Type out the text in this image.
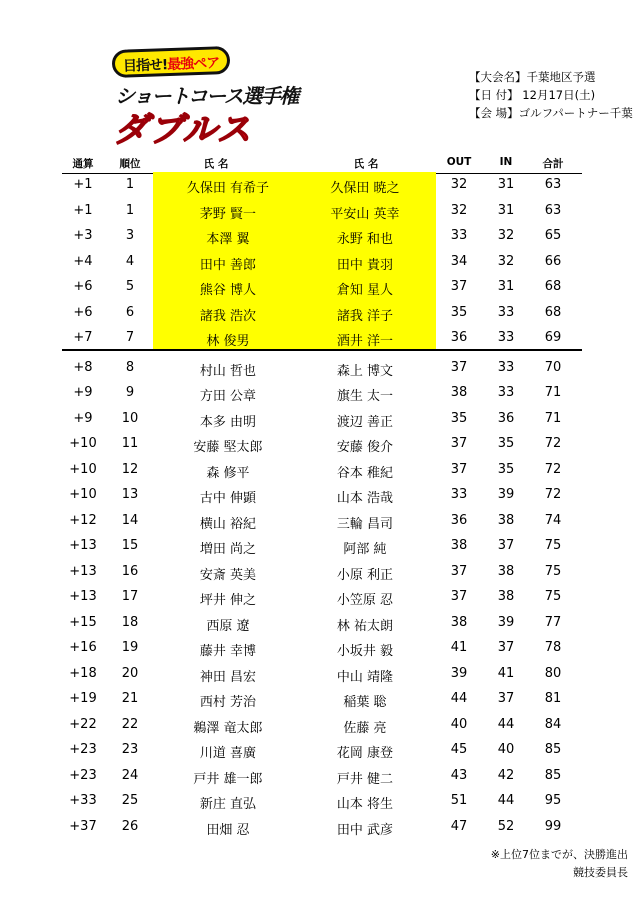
目指せ!最強ペア
ショートコース選手権
ダブルス
【大会名】千葉地区予選
【日 付】 12月17日(土)
【会 場】ゴルフパートナー千葉
通算 順位	氏 名	氏 名	OUT	IN	合計
+1	1	久保田 有希子	久保田 暁之	32 31 63
+1	1	茅野 賢一	平安山 英幸	32 31 63
+3	3	本澤 翼	永野 和也	33 32 65
+4	4	田中 善郎	田中 貴羽	34 32 66
+6	5	熊谷 博人	倉知 星人	37 31 68
+6	6	諸我 浩次	諸我 洋子	35 33 68
+7	7	林 俊男	酒井 洋一	36 33 69
+8	8	村山 哲也	森上 博文	37 33 70
+9	9	方田 公章	旗生 太一	38 33 71
+9 10	本多 由明	渡辺 善正	35 36 71
+10 11	安藤 堅太郎	安藤 俊介	37 35 72
+10 12	森 修平	谷本 稚紀	37 35 72
+10 13	古中 伸顕	山本 浩哉	33 39 72
+12 14	横山 裕紀	三輪 昌司	36 38 74
+13 15	増田 尚之	阿部 純	38 37 75
+13 16	安斎 英美	小原 利正	37 38 75
+13 17	坪井 伸之	小笠原 忍	37 38 75
+15 18	西原 遼	林 祐太朗	38 39 77
+16 19	藤井 幸博	小坂井 毅	41 37 78
+18 20	神田 昌宏	中山 靖隆	39 41 80
+19 21	西村 芳治	稲葉 聡	44 37 81
+22 22	鵜澤 竜太郎	佐藤 亮	40 44 84
+23 23	川道 喜廣	花岡 康登	45 40 85
+23 24	戸井 雄一郎	戸井 健二	43 42 85
+33 25	新庄 直弘	山本 将生	51 44 95
+37 26	田畑 忍	田中 武彦	47 52 99
※上位7位までが、決勝進出
競技委員長
